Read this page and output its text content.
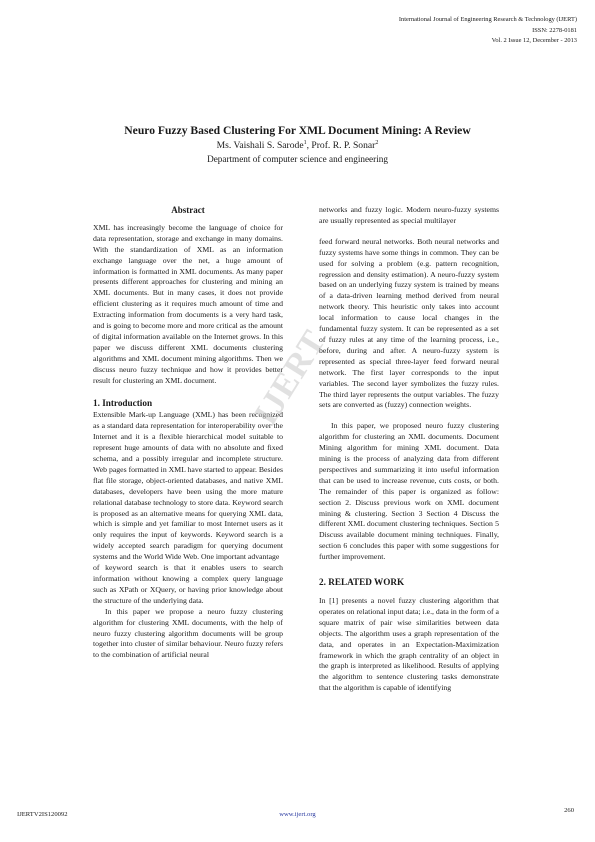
International Journal of Engineering Research & Technology (IJERT)
ISSN: 2278-0181
Vol. 2 Issue 12, December - 2013
Neuro Fuzzy Based Clustering For XML Document Mining: A Review
Ms. Vaishali S. Sarode$^1$, Prof. R. P. Sonar$^2$
Department of computer science and engineering
Abstract

XML has increasingly become the language of choice for data representation, storage and exchange in many domains. With the standardization of XML as an information exchange language over the net, a huge amount of information is formatted in XML documents. As many paper presents different approaches for clustering and mining an XML documents. But in many cases, it does not provide efficient clustering as it requires much amount of time and Extracting information from documents is a very hard task, and is going to become more and more critical as the amount of digital information available on the Internet grows. In this paper we discuss different XML documents clustering algorithms and XML document mining algorithms. Then we discuss neuro fuzzy technique and how it provides better result for clustering an XML document.

1. Introduction

Extensible Mark-up Language (XML) has been recognized as a standard data representation for interoperability over the Internet and it is a flexible hierarchical model suitable to represent huge amounts of data with no absolute and fixed schema, and a possibly irregular and incomplete structure. Web pages formatted in XML have started to appear. Besides flat file storage, object-oriented databases, and native XML databases, developers have been using the more mature relational database technology to store data. Keyword search is proposed as an alternative means for querying XML data, which is simple and yet familiar to most Internet users as it only requires the input of keywords. Keyword search is a widely accepted search paradigm for querying document systems and the World Wide Web. One important advantage

of keyword search is that it enables users to search information without knowing a complex query language such as XPath or XQuery, or having prior knowledge about the structure of the underlying data.

In this paper we propose a neuro fuzzy clustering algorithm for clustering XML documents, with the help of neuro fuzzy clustering algorithm documents will be group together into cluster of similar behaviour. Neuro fuzzy refers to the combination of artificial neural

networks and fuzzy logic. Modern neuro-fuzzy systems are usually represented as special multilayer

feed forward neural networks. Both neural networks and fuzzy systems have some things in common. They can be used for solving a problem (e.g. pattern recognition, regression and density estimation). A neuro-fuzzy system based on an underlying fuzzy system is trained by means of a data-driven learning method derived from neural network theory. This heuristic only takes into account local information to cause local changes in the fundamental fuzzy system. It can be represented as a set of fuzzy rules at any time of the learning process, i.e., before, during and after. A neuro-fuzzy system is represented as special three-layer feed forward neural network. The first layer corresponds to the input variables. The second layer symbolizes the fuzzy rules. The third layer represents the output variables. The fuzzy sets are converted as (fuzzy) connection weights.

In this paper, we proposed neuro fuzzy clustering algorithm for clustering an XML documents. Document Mining algorithm for mining XML document. Data mining is the process of analyzing data from different perspectives and summarizing it into useful information that can be used to increase revenue, cuts costs, or both. The remainder of this paper is organized as follow: section 2. Discuss previous work on XML document mining & clustering. Section 3 Section 4 Discuss the different XML document clustering techniques. Section 5 Discuss available document mining techniques. Finally, section 6 concludes this paper with some suggestions for further improvement.

2. RELATED WORK

In [1] presents a novel fuzzy clustering algorithm that operates on relational input data; i.e., data in the form of a square matrix of pair wise similarities between data objects. The algorithm uses a graph representation of the data, and operates in an Expectation-Maximization framework in which the graph centrality of an object in the graph is interpreted as likelihood. Results of applying the algorithm to sentence clustering tasks demonstrate that the algorithm is capable of identifying

IJERT
IJERTV2IS120092	www.ijert.org
260
